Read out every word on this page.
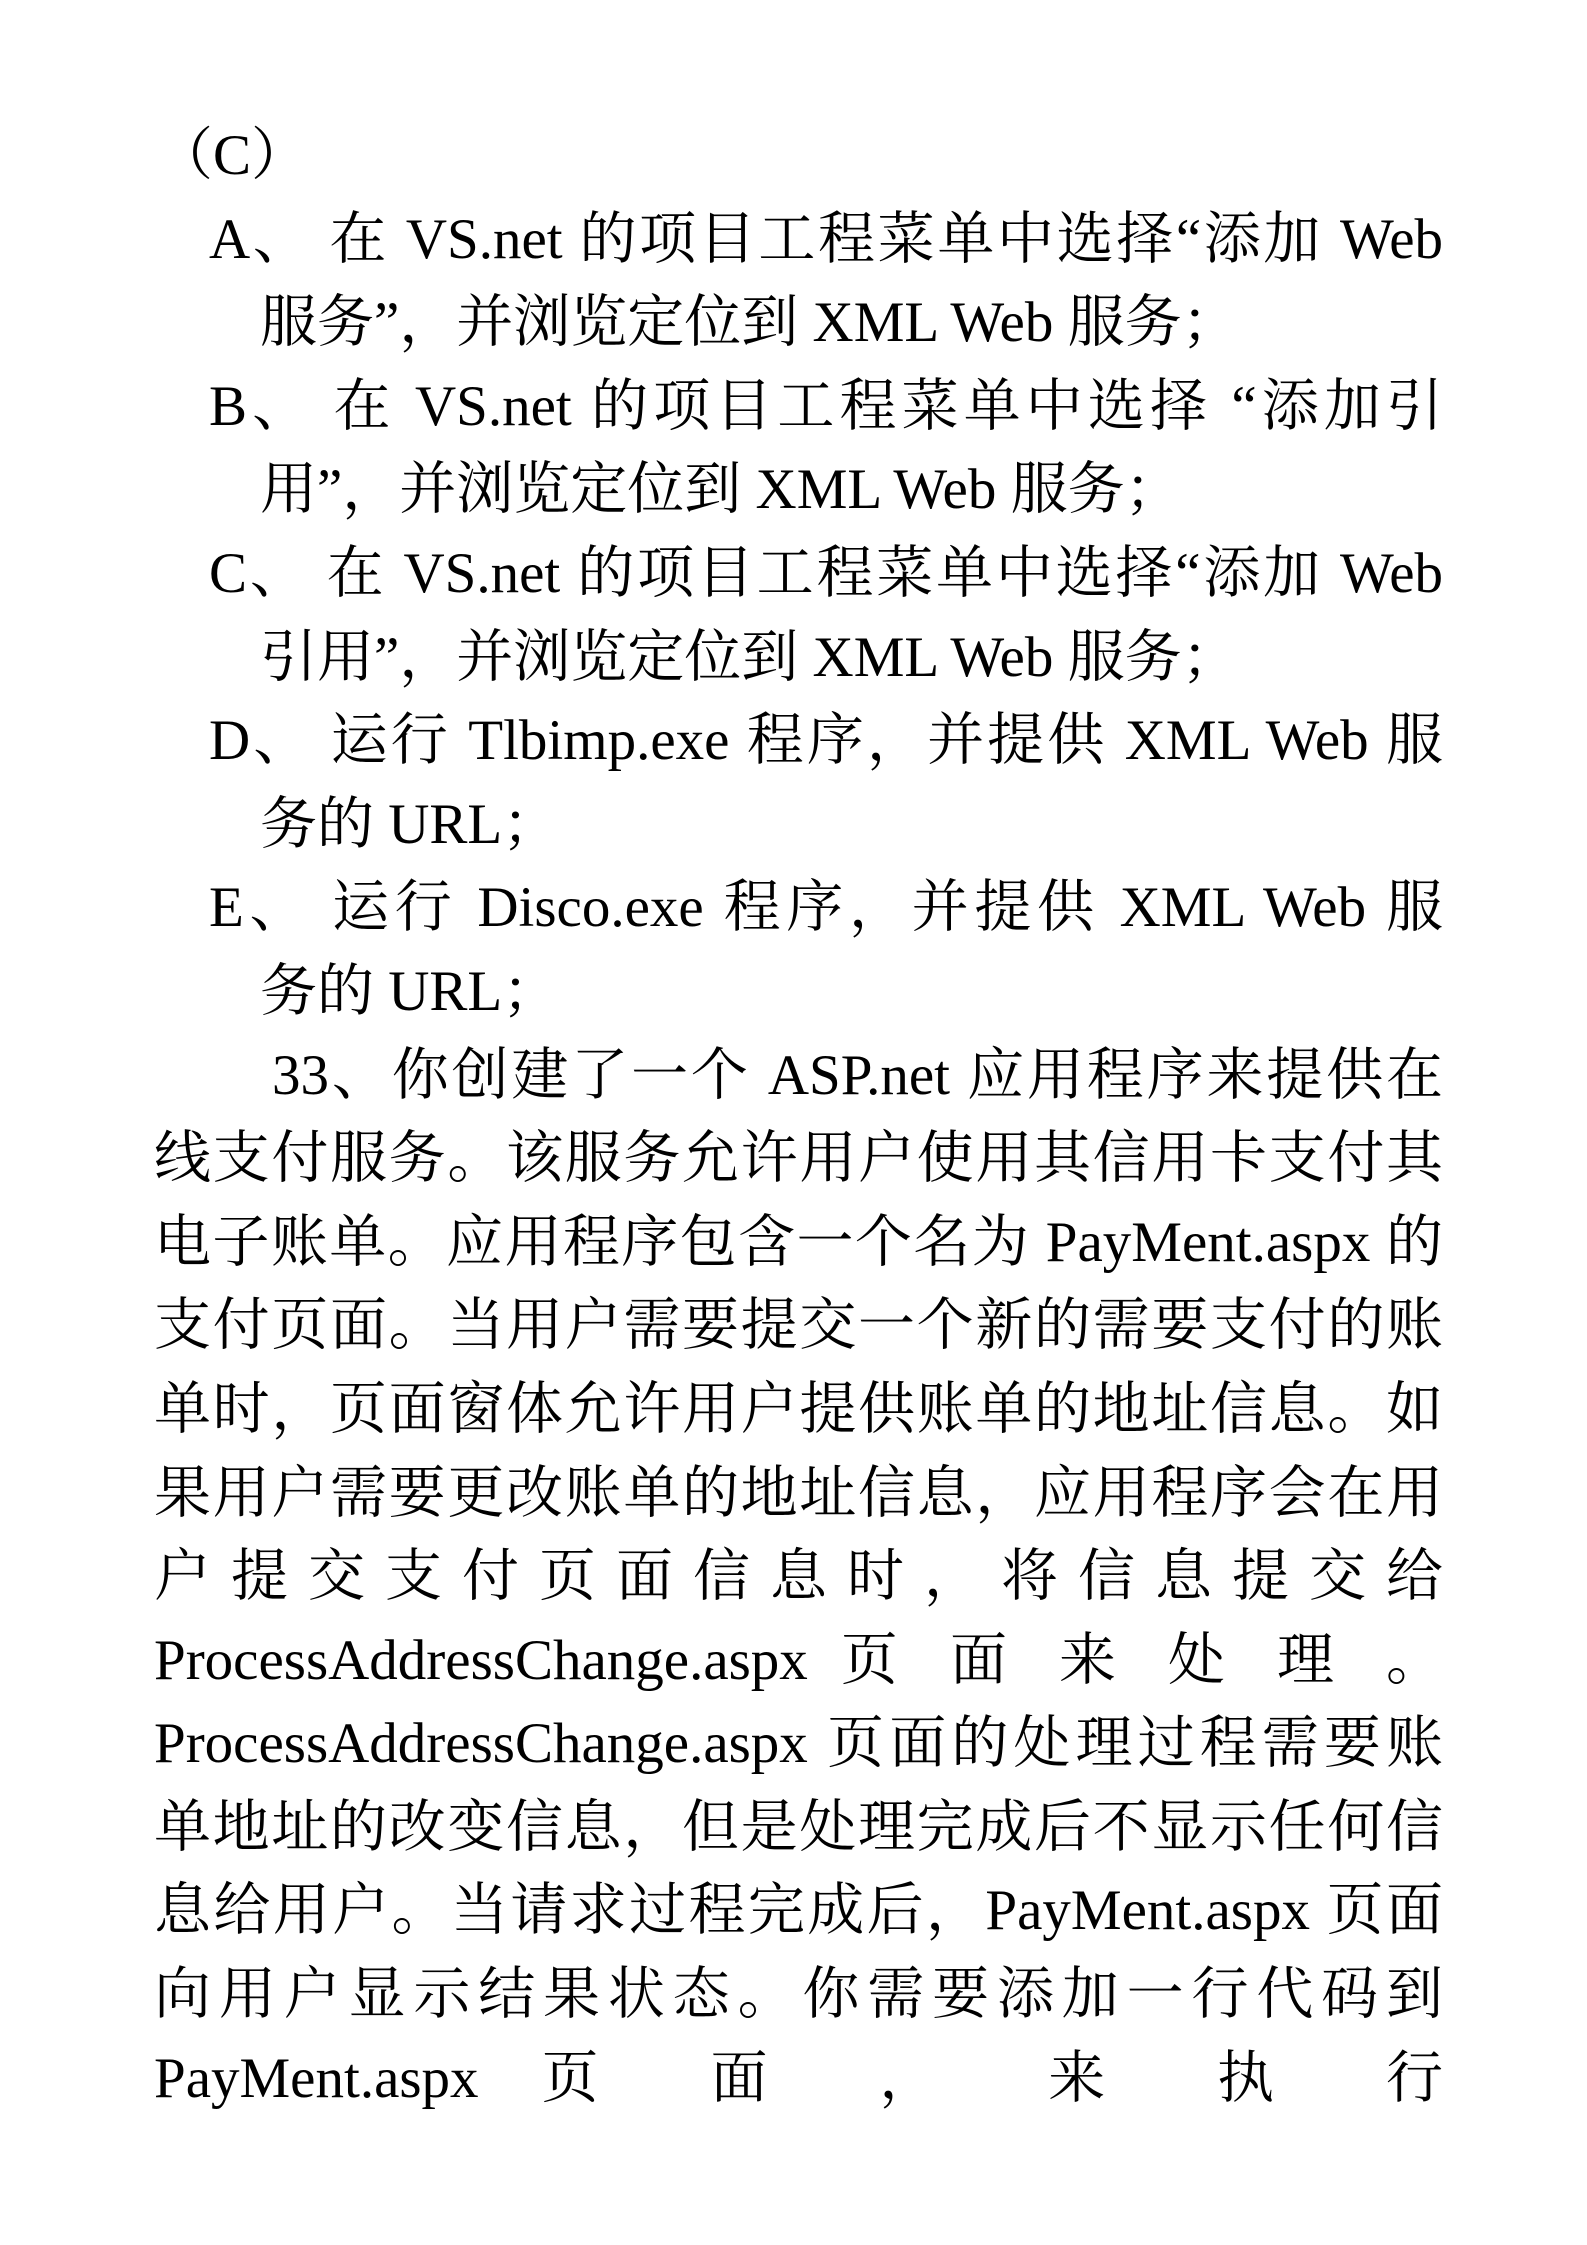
（C）
A、 在 VS.net 的项目工程菜单中选择“添加 Web
服务”，并浏览定位到 XML Web 服务；
B、 在 VS.net 的项目工程菜单中选择 “添加引
用”，并浏览定位到 XML Web 服务；
C、 在 VS.net 的项目工程菜单中选择“添加 Web
引用”，并浏览定位到 XML Web 服务；
D、 运行 Tlbimp.exe 程序，并提供 XML Web 服
务的 URL；
E、 运行 Disco.exe 程序，并提供 XML Web 服
务的 URL；
33、你创建了一个 ASP.net 应用程序来提供在
线支付服务。该服务允许用户使用其信用卡支付其
电子账单。应用程序包含一个名为 PayMent.aspx 的
支付页面。当用户需要提交一个新的需要支付的账
单时，页面窗体允许用户提供账单的地址信息。如
果用户需要更改账单的地址信息，应用程序会在用
户 提 交 支 付 页 面 信 息 时 ， 将 信 息 提 交 给
ProcessAddressChange.aspx 页 面 来 处 理 。
ProcessAddressChange.aspx 页面的处理过程需要账
单地址的改变信息，但是处理完成后不显示任何信
息给用户。当请求过程完成后，PayMent.aspx 页面
向用户显示结果状态。你需要添加一行代码到
PayMent.aspx 页 面 ， 来 执 行
